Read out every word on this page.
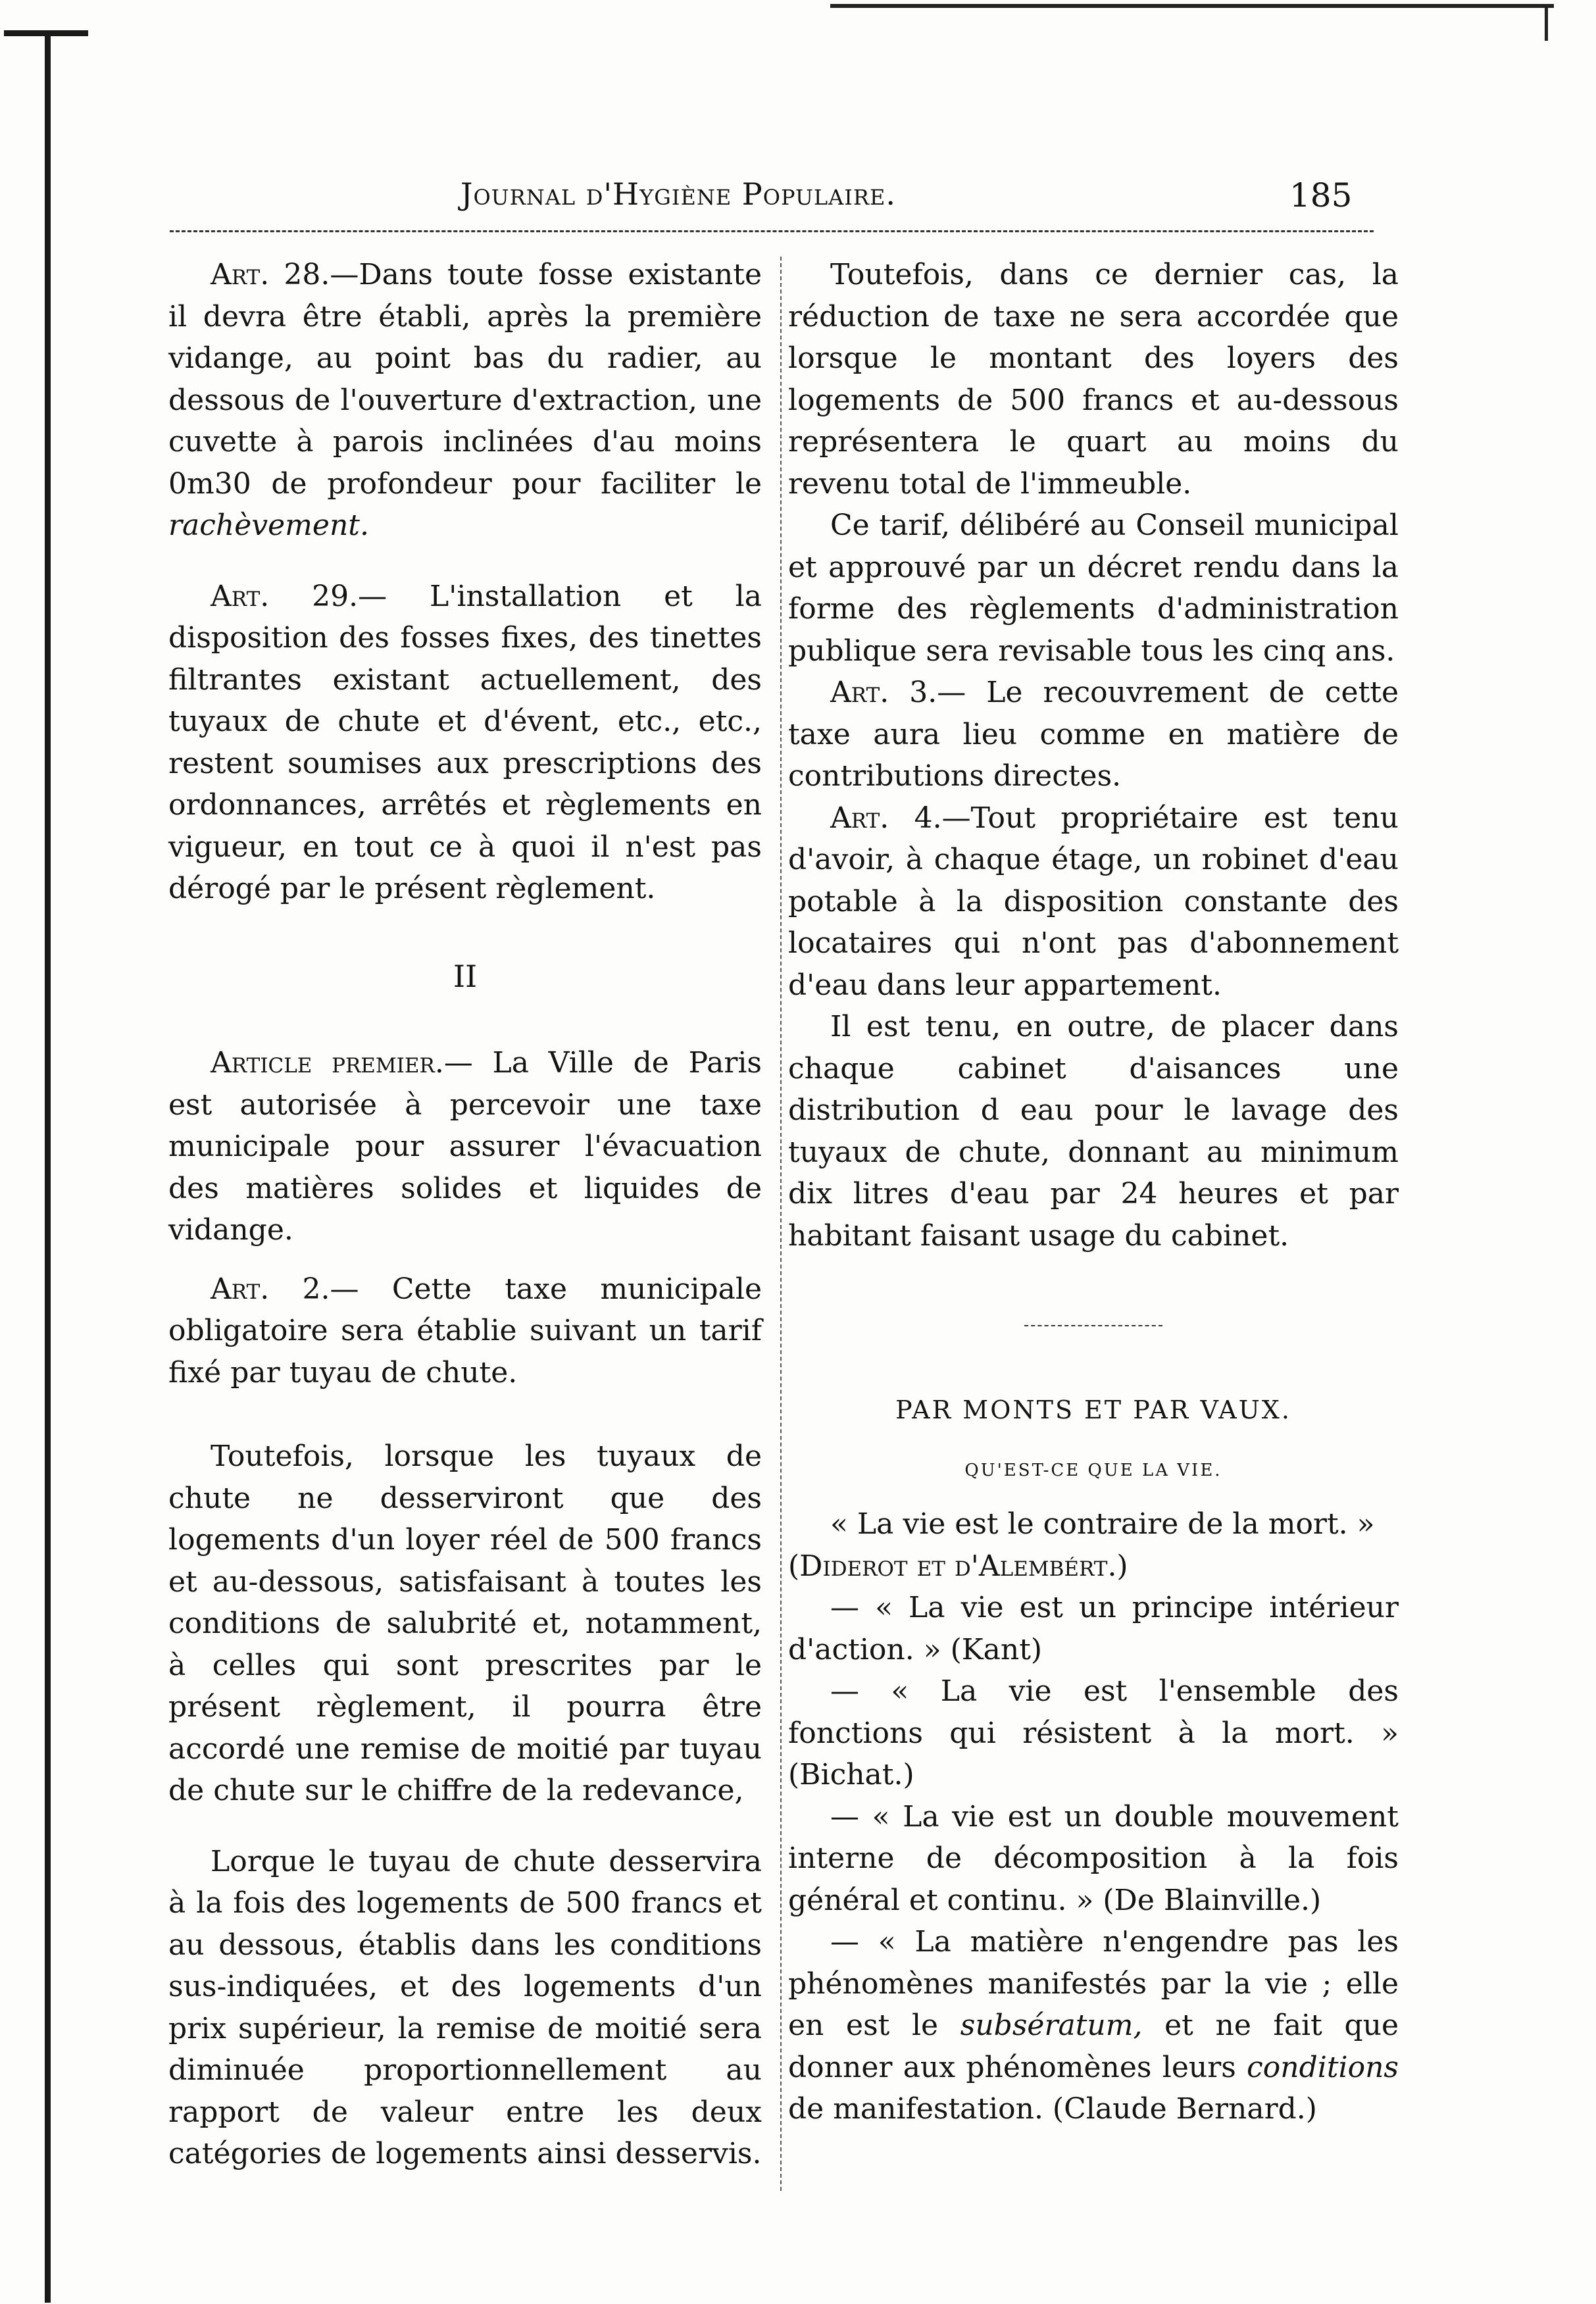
Journal d'Hygiène Populaire.	185

Art. 28.—Dans toute fosse existante il devra être établi, après la première vidange, au point bas du radier, au dessous de l'ouverture d'extraction, une cuvette à parois inclinées d'au moins 0m30 de profondeur pour faciliter le rachèvement.

Art. 29.— L'installation et la disposition des fosses fixes, des tinettes filtrantes existant actuellement, des tuyaux de chute et d'évent, etc., etc., restent soumises aux prescriptions des ordonnances, arrêtés et règlements en vigueur, en tout ce à quoi il n'est pas dérogé par le présent règlement.

II

Article premier.— La Ville de Paris est autorisée à percevoir une taxe municipale pour assurer l'évacuation des matières solides et liquides de vidange.

Art. 2.— Cette taxe municipale obligatoire sera établie suivant un tarif fixé par tuyau de chute.

Toutefois, lorsque les tuyaux de chute ne desserviront que des logements d'un loyer réel de 500 francs et au-dessous, satisfaisant à toutes les conditions de salubrité et, notamment, à celles qui sont prescrites par le présent règlement, il pourra être accordé une remise de moitié par tuyau de chute sur le chiffre de la redevance,

Lorque le tuyau de chute desservira à la fois des logements de 500 francs et au dessous, établis dans les conditions sus-indiquées, et des logements d'un prix supérieur, la remise de moitié sera diminuée proportionnellement au rapport de valeur entre les deux catégories de logements ainsi desservis.

Toutefois, dans ce dernier cas, la réduction de taxe ne sera accordée que lorsque le montant des loyers des logements de 500 francs et au-dessous représentera le quart au moins du revenu total de l'immeuble.

Ce tarif, délibéré au Conseil municipal et approuvé par un décret rendu dans la forme des règlements d'administration publique sera revisable tous les cinq ans.

Art. 3.— Le recouvrement de cette taxe aura lieu comme en matière de contributions directes.

Art. 4.—Tout propriétaire est tenu d'avoir, à chaque étage, un robinet d'eau potable à la disposition constante des locataires qui n'ont pas d'abonnement d'eau dans leur appartement.

Il est tenu, en outre, de placer dans chaque cabinet d'aisances une distribution d eau pour le lavage des tuyaux de chute, donnant au minimum dix litres d'eau par 24 heures et par habitant faisant usage du cabinet.

PAR MONTS ET PAR VAUX.

QU'EST-CE QUE LA VIE.

« La vie est le contraire de la mort. »
(Diderot et d'Alembért.)

— « La vie est un principe intérieur d'action. » (Kant)

— « La vie est l'ensemble des fonctions qui résistent à la mort. » (Bichat.)

— « La vie est un double mouvement interne de décomposition à la fois général et continu. » (De Blainville.)

— « La matière n'engendre pas les phénomènes manifestés par la vie ; elle en est le subsératum, et ne fait que donner aux phénomènes leurs conditions de manifestation. (Claude Bernard.)
